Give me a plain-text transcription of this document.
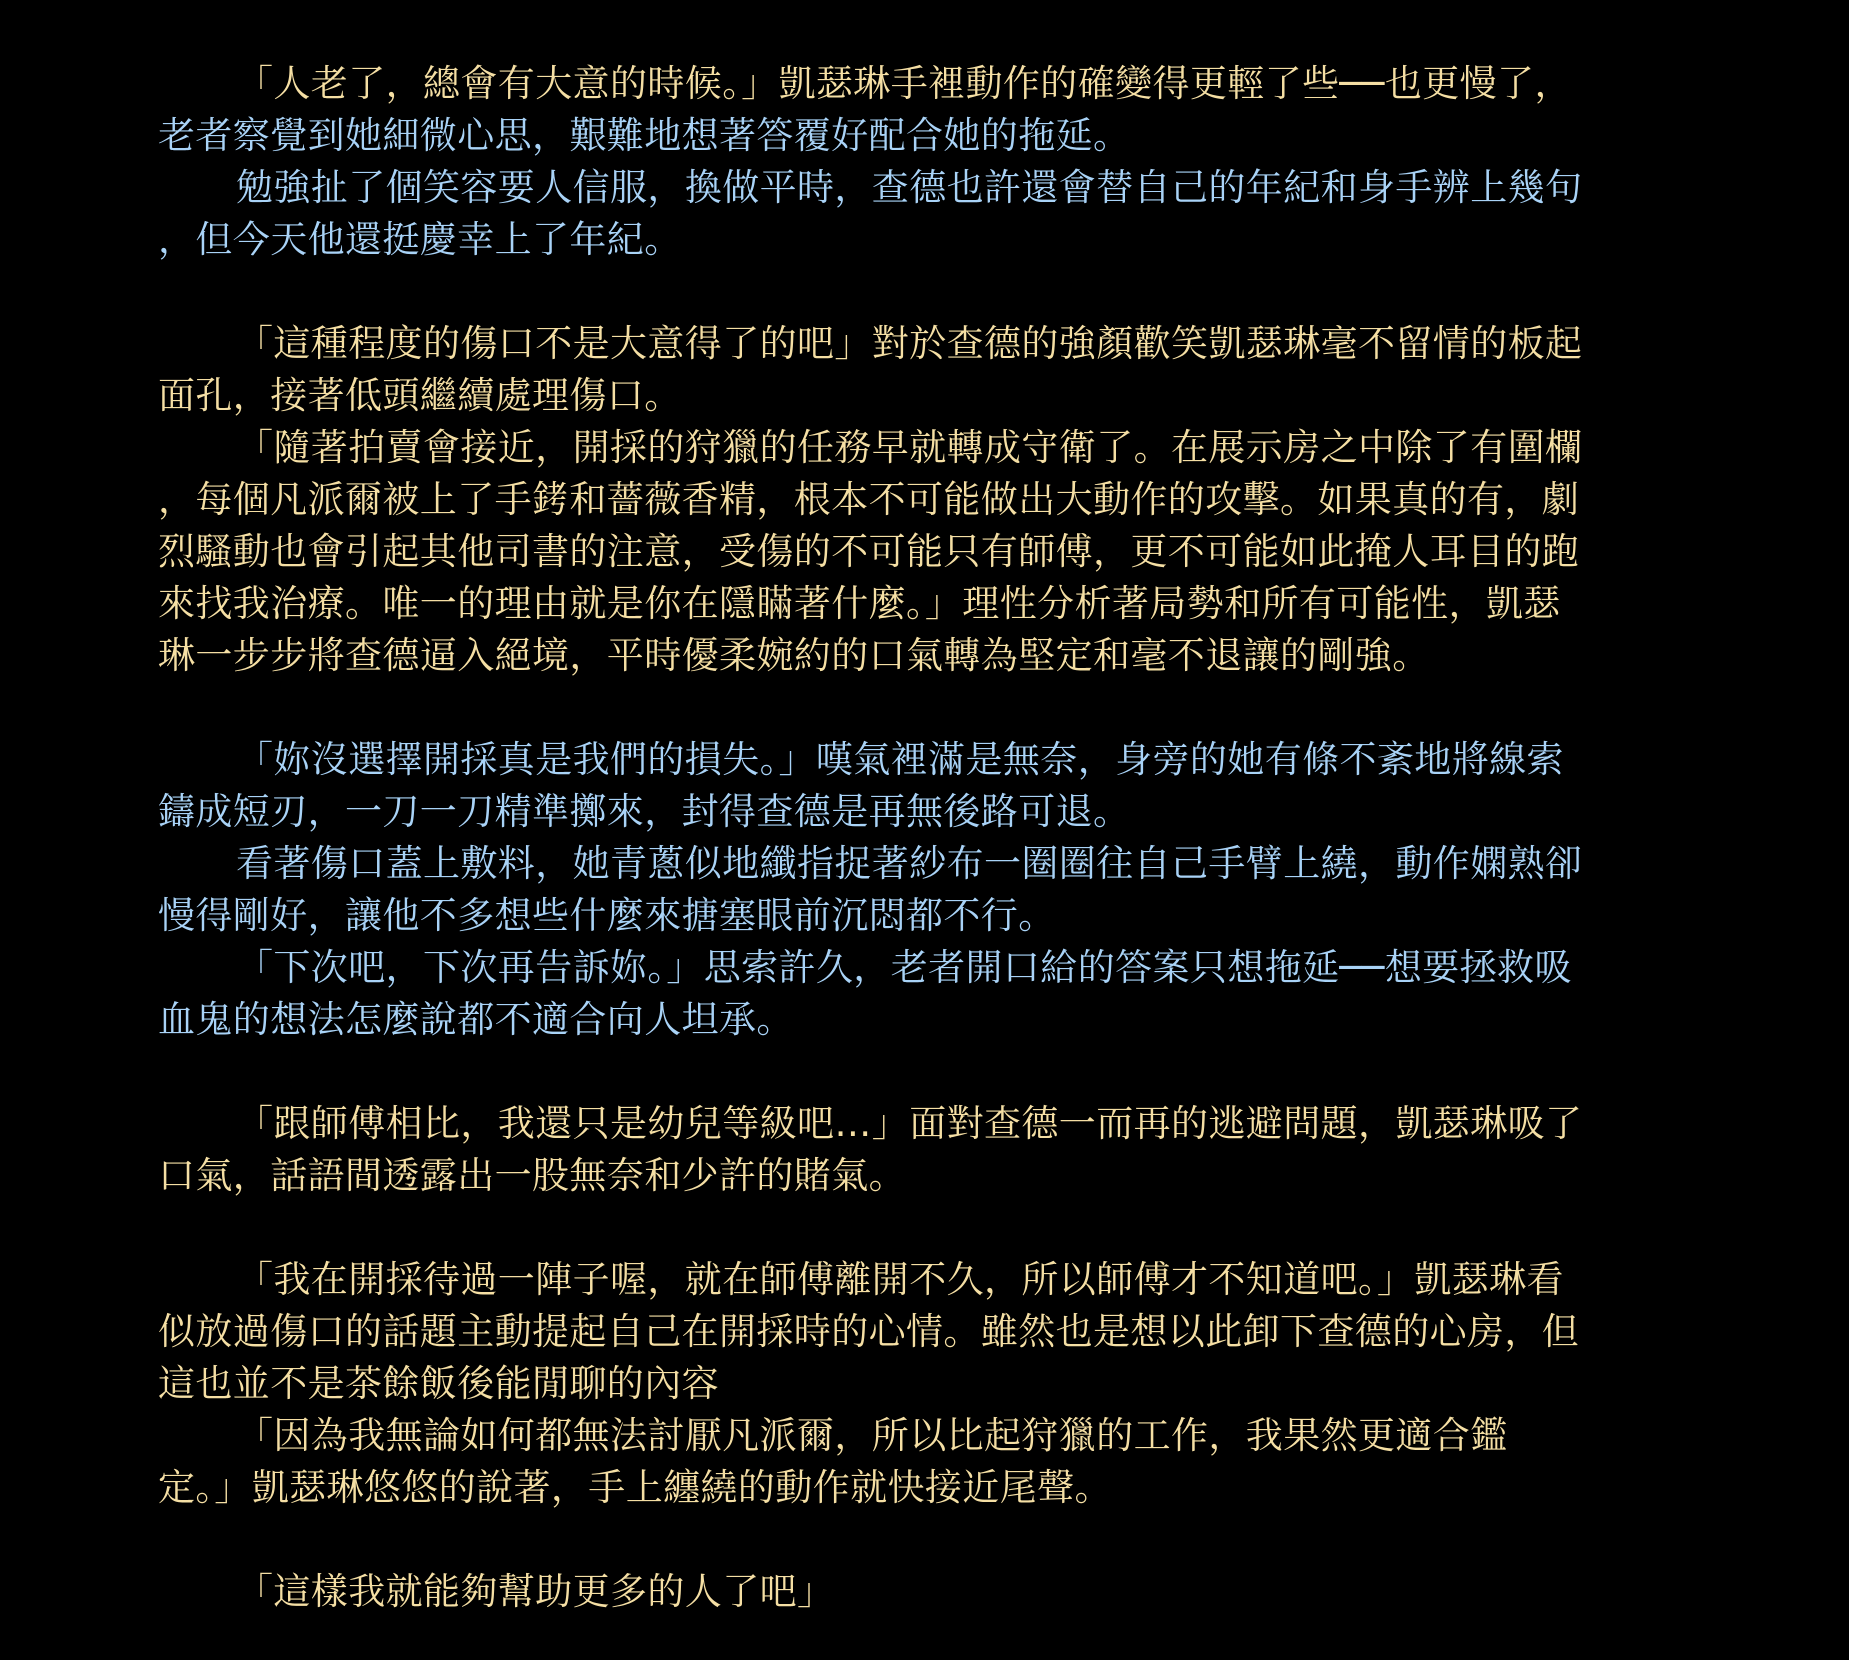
「人老了，總會有大意的時候。」凱瑟琳手裡動作的確變得更輕了些──也更慢了，
老者察覺到她細微心思，艱難地想著答覆好配合她的拖延。
勉強扯了個笑容要人信服，換做平時，查德也許還會替自己的年紀和身手辨上幾句
，但今天他還挺慶幸上了年紀。
「這種程度的傷口不是大意得了的吧」對於查德的強顏歡笑凱瑟琳毫不留情的板起
面孔，接著低頭繼續處理傷口。
「隨著拍賣會接近，開採的狩獵的任務早就轉成守衛了。在展示房之中除了有圍欄
，每個凡派爾被上了手銬和薔薇香精，根本不可能做出大動作的攻擊。如果真的有，劇
烈騷動也會引起其他司書的注意，受傷的不可能只有師傅，更不可能如此掩人耳目的跑
來找我治療。唯一的理由就是你在隱瞞著什麼。」理性分析著局勢和所有可能性，凱瑟
琳一步步將查德逼入絕境，平時優柔婉約的口氣轉為堅定和毫不退讓的剛強。
「妳沒選擇開採真是我們的損失。」嘆氣裡滿是無奈，身旁的她有條不紊地將線索
鑄成短刃，一刀一刀精準擲來，封得查德是再無後路可退。
看著傷口蓋上敷料，她青蔥似地纖指捉著紗布一圈圈往自己手臂上繞，動作嫻熟卻
慢得剛好，讓他不多想些什麼來搪塞眼前沉悶都不行。
「下次吧，下次再告訴妳。」思索許久，老者開口給的答案只想拖延──想要拯救吸
血鬼的想法怎麼說都不適合向人坦承。
「跟師傅相比，我還只是幼兒等級吧…」面對查德一而再的逃避問題，凱瑟琳吸了
口氣，話語間透露出一股無奈和少許的賭氣。
「我在開採待過一陣子喔，就在師傅離開不久，所以師傅才不知道吧。」凱瑟琳看
似放過傷口的話題主動提起自己在開採時的心情。雖然也是想以此卸下查德的心房，但
這也並不是茶餘飯後能閒聊的內容
「因為我無論如何都無法討厭凡派爾，所以比起狩獵的工作，我果然更適合鑑
定。」凱瑟琳悠悠的說著，手上纏繞的動作就快接近尾聲。
「這樣我就能夠幫助更多的人了吧」
